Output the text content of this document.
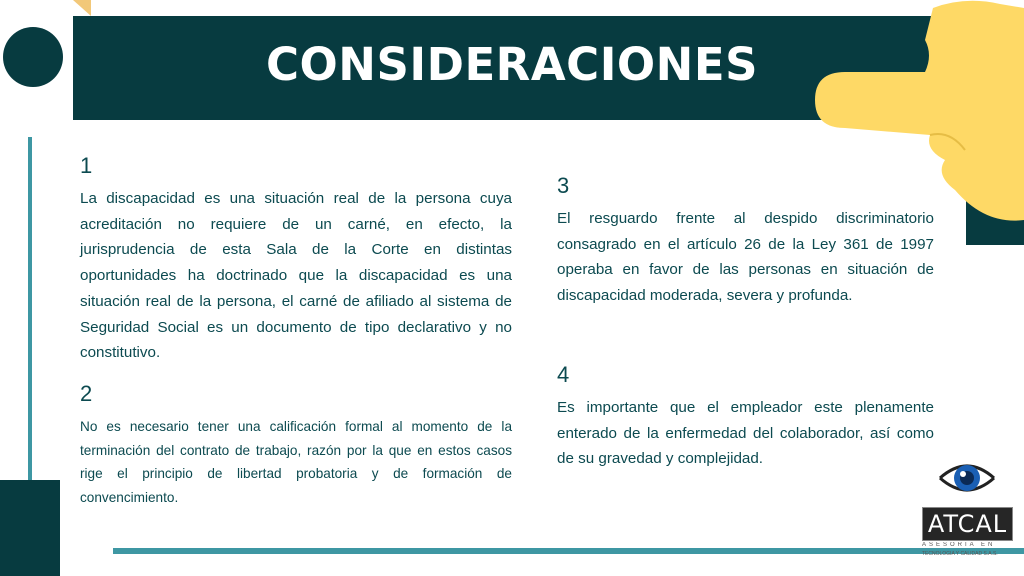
CONSIDERACIONES
1
La discapacidad es una situación real de la persona cuya acreditación no requiere de un carné, en efecto, la jurisprudencia de esta Sala de la Corte en distintas oportunidades ha doctrinado que la discapacidad es una situación real de la persona, el carné de afiliado al sistema de Seguridad Social es un documento de tipo declarativo y no constitutivo.
2
No es necesario tener una calificación formal al momento de la terminación del contrato de trabajo, razón por la que en estos casos rige el principio de libertad probatoria y de formación de convencimiento.
3
El resguardo frente al despido discriminatorio consagrado en el artículo 26 de la Ley 361 de 1997 operaba en favor de las personas en situación de discapacidad moderada, severa y profunda.
4
Es importante que el empleador este plenamente enterado de la enfermedad del colaborador, así como de su gravedad y complejidad.
ATCAL
ASESORÍA EN
TECNOLOGÍA Y CALIDAD S.A.S.
